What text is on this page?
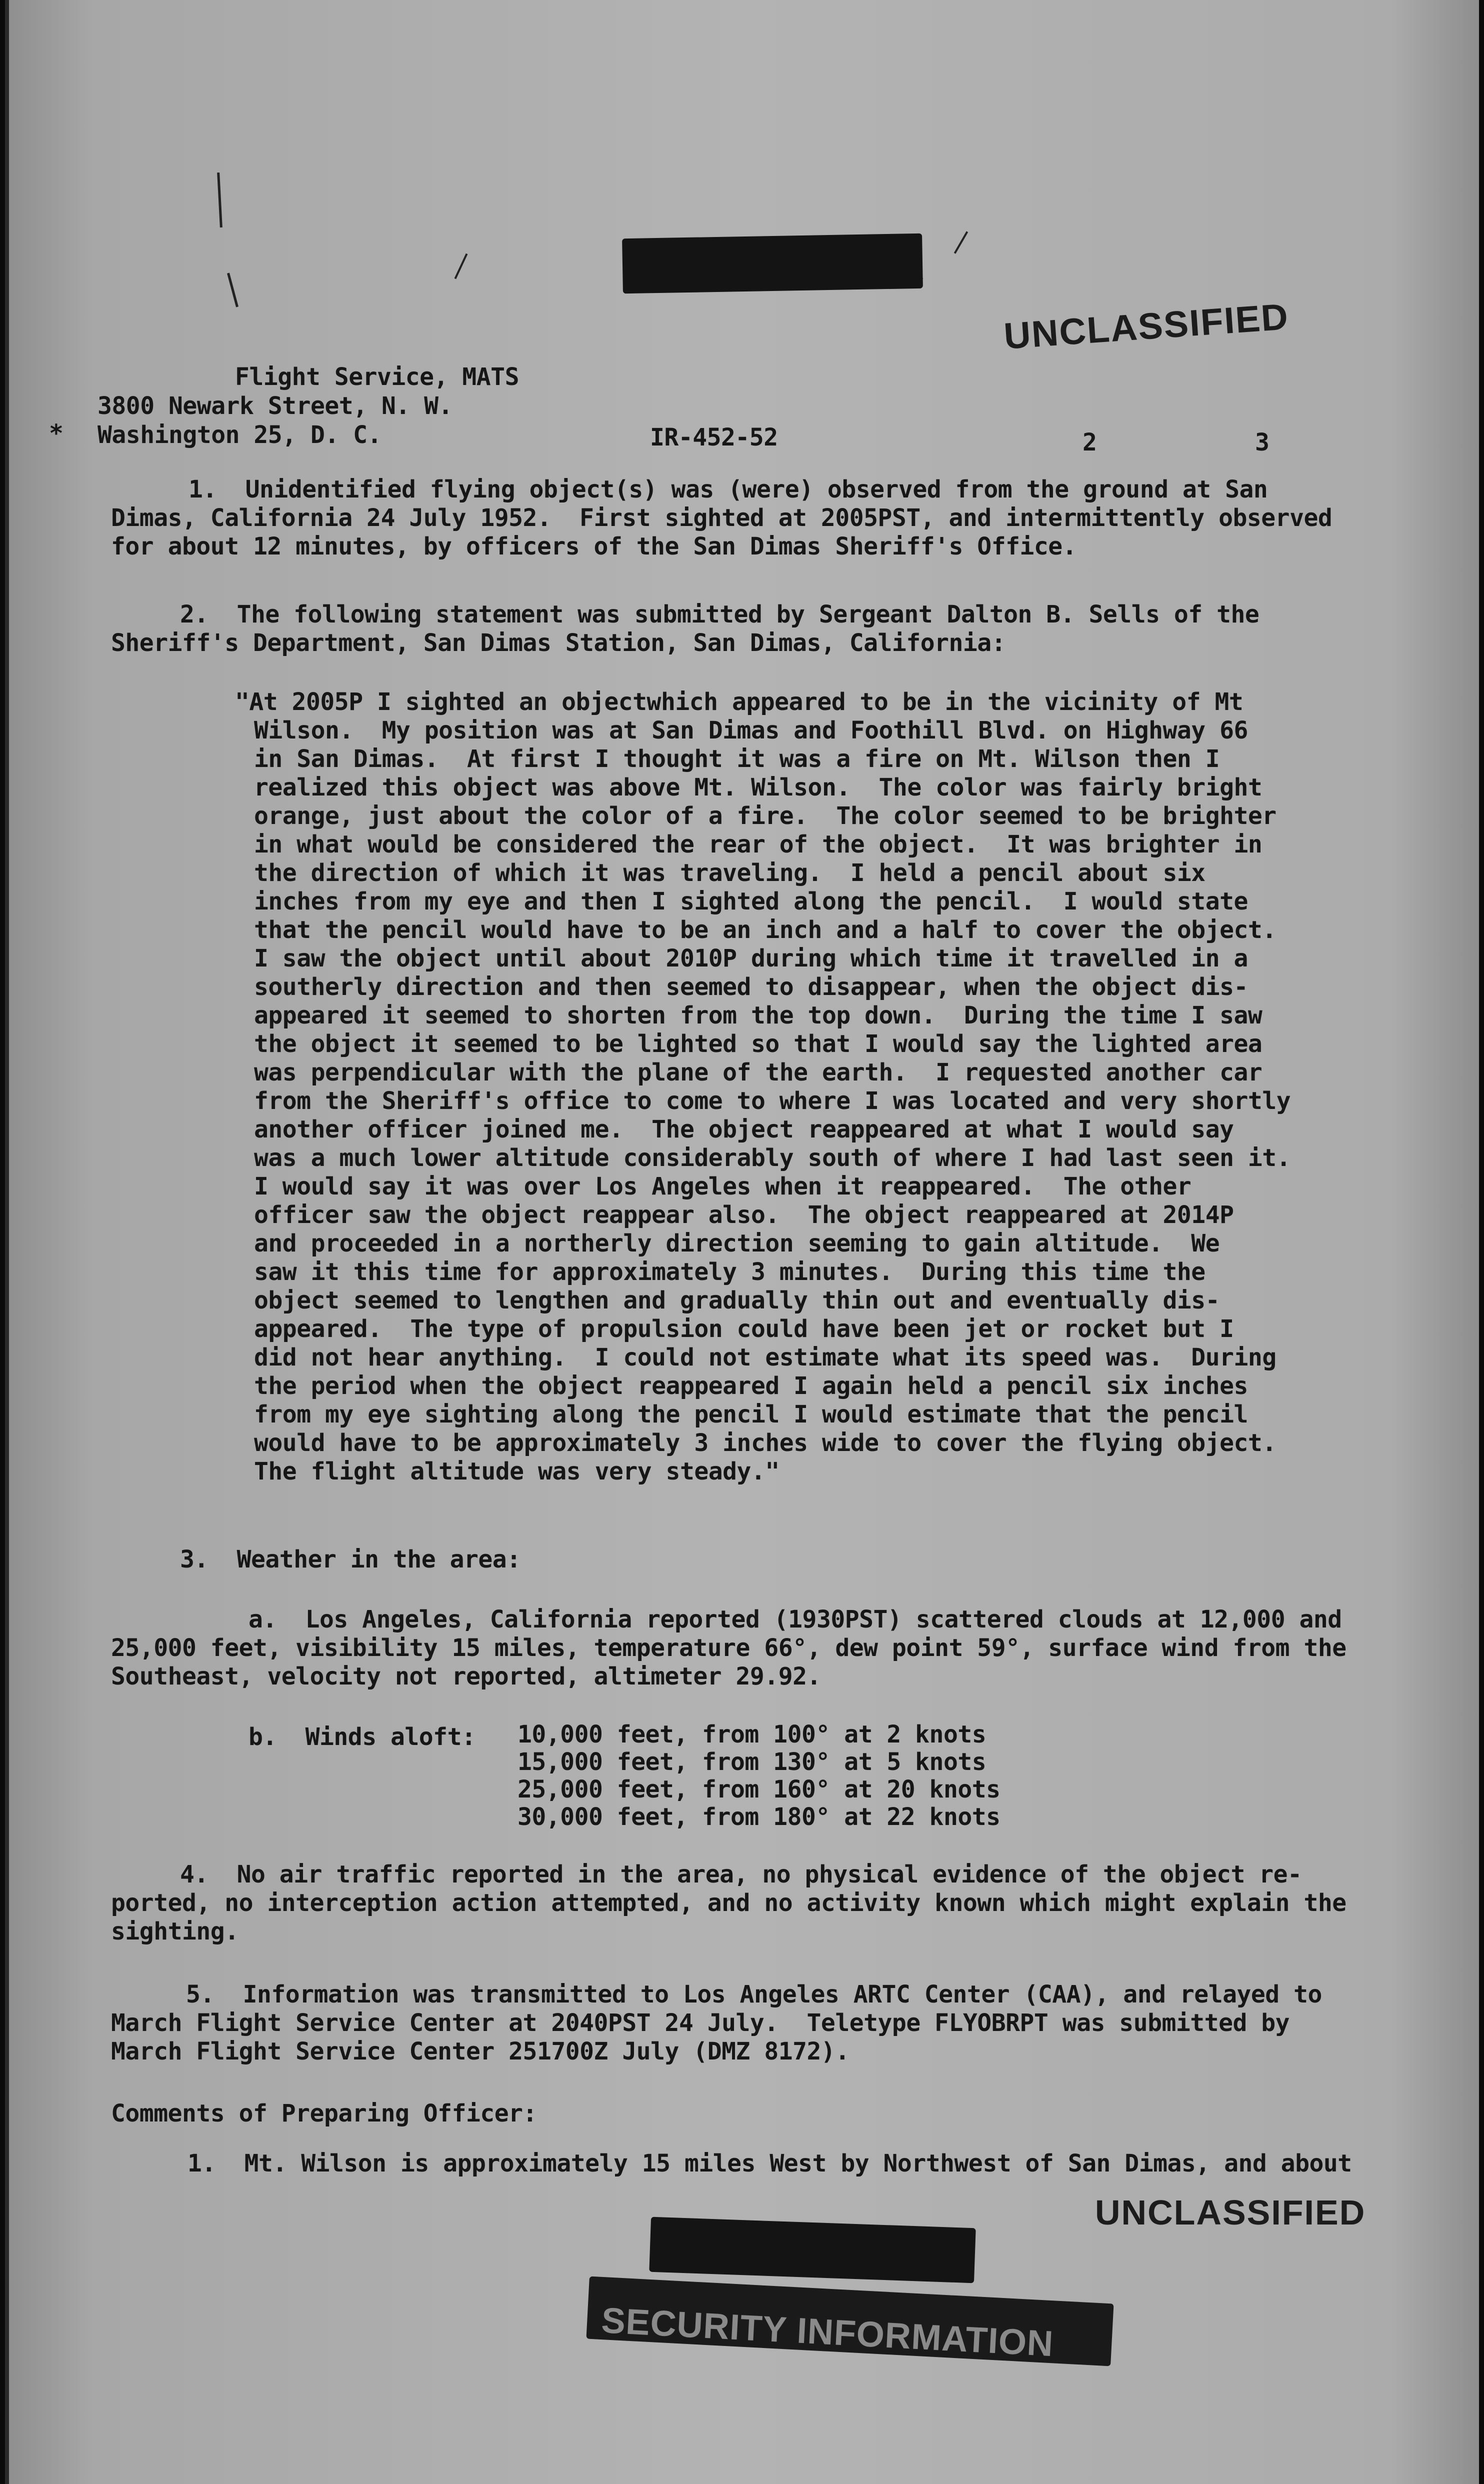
UNCLASSIFIED
Flight Service, MATS
3800 Newark Street, N. W.
Washington 25, D. C.
*	IR-452-52	2	3
1.  Unidentified flying object(s) was (were) observed from the ground at San
Dimas, California 24 July 1952.  First sighted at 2005PST, and intermittently observed
for about 12 minutes, by officers of the San Dimas Sheriff's Office.
2.  The following statement was submitted by Sergeant Dalton B. Sells of the
Sheriff's Department, San Dimas Station, San Dimas, California:
"At 2005P I sighted an objectwhich appeared to be in the vicinity of Mt
Wilson.  My position was at San Dimas and Foothill Blvd. on Highway 66
in San Dimas.  At first I thought it was a fire on Mt. Wilson then I
realized this object was above Mt. Wilson.  The color was fairly bright
orange, just about the color of a fire.  The color seemed to be brighter
in what would be considered the rear of the object.  It was brighter in
the direction of which it was traveling.  I held a pencil about six
inches from my eye and then I sighted along the pencil.  I would state
that the pencil would have to be an inch and a half to cover the object.
I saw the object until about 2010P during which time it travelled in a
southerly direction and then seemed to disappear, when the object dis-
appeared it seemed to shorten from the top down.  During the time I saw
the object it seemed to be lighted so that I would say the lighted area
was perpendicular with the plane of the earth.  I requested another car
from the Sheriff's office to come to where I was located and very shortly
another officer joined me.  The object reappeared at what I would say
was a much lower altitude considerably south of where I had last seen it.
I would say it was over Los Angeles when it reappeared.  The other
officer saw the object reappear also.  The object reappeared at 2014P
and proceeded in a northerly direction seeming to gain altitude.  We
saw it this time for approximately 3 minutes.  During this time the
object seemed to lengthen and gradually thin out and eventually dis-
appeared.  The type of propulsion could have been jet or rocket but I
did not hear anything.  I could not estimate what its speed was.  During
the period when the object reappeared I again held a pencil six inches
from my eye sighting along the pencil I would estimate that the pencil
would have to be approximately 3 inches wide to cover the flying object.
The flight altitude was very steady."
3.  Weather in the area:
a.  Los Angeles, California reported (1930PST) scattered clouds at 12,000 and
25,000 feet, visibility 15 miles, temperature 66°, dew point 59°, surface wind from the
Southeast, velocity not reported, altimeter 29.92.
b.  Winds aloft: 10,000 feet, from 100° at 2 knots
15,000 feet, from 130° at 5 knots
25,000 feet, from 160° at 20 knots
30,000 feet, from 180° at 22 knots
4.  No air traffic reported in the area, no physical evidence of the object re-
ported, no interception action attempted, and no activity known which might explain the
sighting.
5.  Information was transmitted to Los Angeles ARTC Center (CAA), and relayed to
March Flight Service Center at 2040PST 24 July.  Teletype FLYOBRPT was submitted by
March Flight Service Center 251700Z July (DMZ 8172).
Comments of Preparing Officer:
1.  Mt. Wilson is approximately 15 miles West by Northwest of San Dimas, and about
UNCLASSIFIED
SECURITY INFORMATION
